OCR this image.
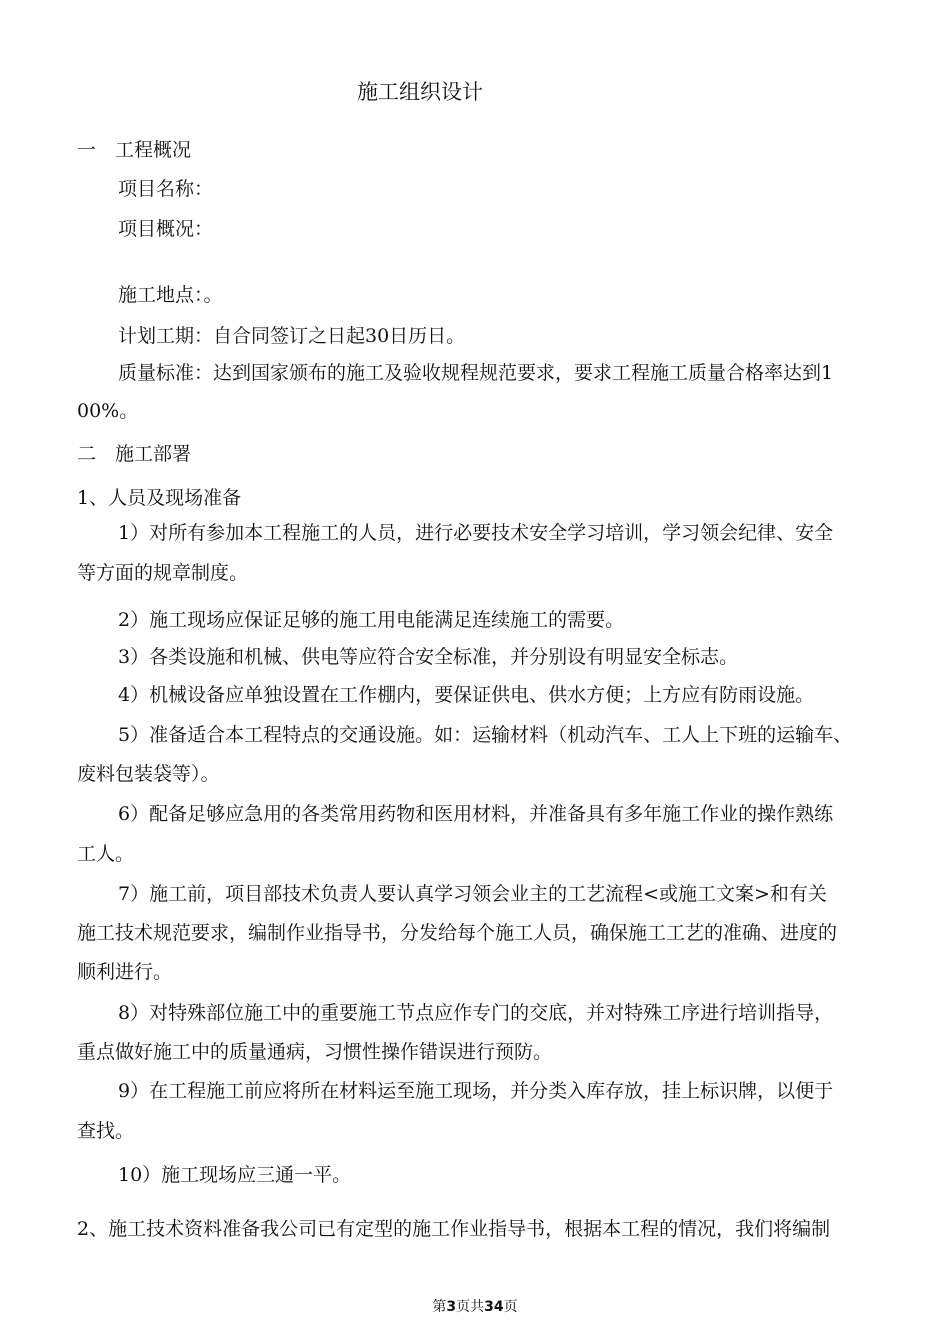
施工组织设计
一　工程概况
项目名称：
项目概况：
施工地点：。
计划工期：自合同签订之日起30日历日。
质量标准：达到国家颁布的施工及验收规程规范要求，要求工程施工质量合格率达到1
00%。
二　施工部署
1、人员及现场准备
1）对所有参加本工程施工的人员，进行必要技术安全学习培训，学习领会纪律、安全
等方面的规章制度。
2）施工现场应保证足够的施工用电能满足连续施工的需要。
3）各类设施和机械、供电等应符合安全标准，并分别设有明显安全标志。
4）机械设备应单独设置在工作棚内，要保证供电、供水方便；上方应有防雨设施。
5）准备适合本工程特点的交通设施。如：运输材料（机动汽车、工人上下班的运输车、
废料包装袋等）。
6）配备足够应急用的各类常用药物和医用材料，并准备具有多年施工作业的操作熟练
工人。
7）施工前，项目部技术负责人要认真学习领会业主的工艺流程<或施工文案>和有关
施工技术规范要求，编制作业指导书，分发给每个施工人员，确保施工工艺的准确、进度的
顺利进行。
8）对特殊部位施工中的重要施工节点应作专门的交底，并对特殊工序进行培训指导，
重点做好施工中的质量通病，习惯性操作错误进行预防。
9）在工程施工前应将所在材料运至施工现场，并分类入库存放，挂上标识牌，以便于
查找。
10）施工现场应三通一平。
2、施工技术资料准备我公司已有定型的施工作业指导书，根据本工程的情况，我们将编制
第3页共34页
